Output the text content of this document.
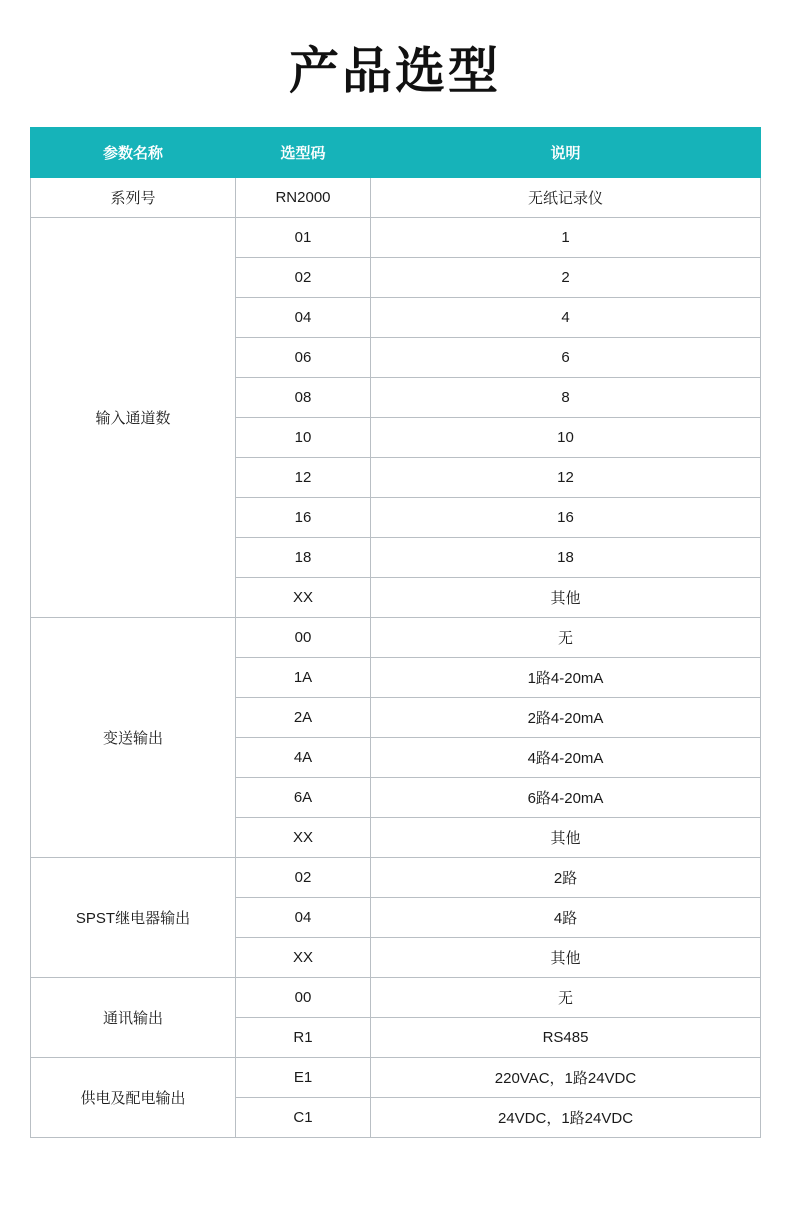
产品选型
参数名称	选型码	说明
系列号	RN2000	无纸记录仪
输入通道数	01	1
	02	2
	04	4
	06	6
	08	8
	10	10
	12	12
	16	16
	18	18
	XX	其他
变送输出	00	无
	1A	1路4-20mA
	2A	2路4-20mA
	4A	4路4-20mA
	6A	6路4-20mA
	XX	其他
SPST继电器输出	02	2路
	04	4路
	XX	其他
通讯输出	00	无
	R1	RS485
供电及配电输出	E1	220VAC，1路24VDC
	C1	24VDC，1路24VDC
